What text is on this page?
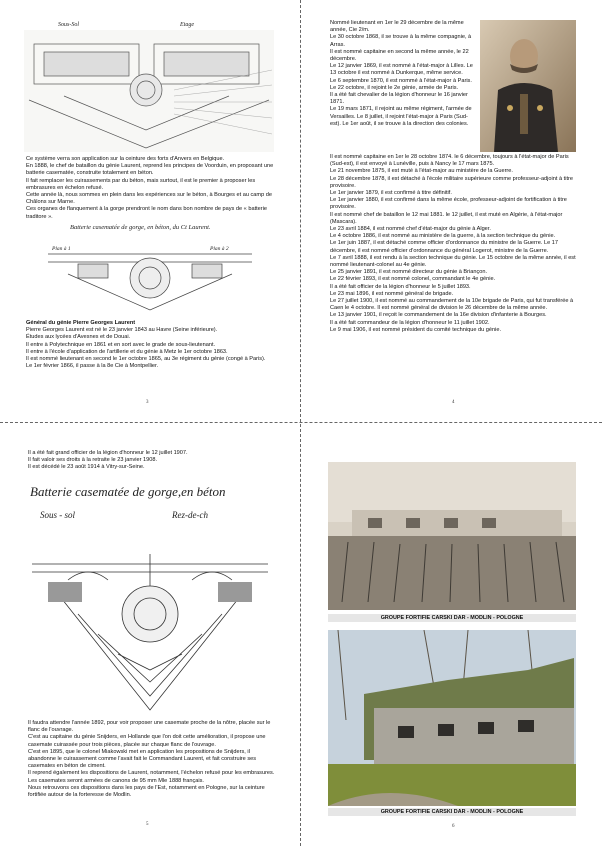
Sous-Sol	Etage

Ce système verra son application sur la ceinture des forts d'Anvers en Belgique.

En 1888, le chef de bataillon du génie Laurent, reprend les principes de Voorduin, en proposant une batterie casematée, construite totalement en béton.

Il fait remplacer les cuirassements par du béton, mais surtout, il est le premier à proposer les embrasures en échelon refusé.

Cette année là, nous sommes en plein dans les expériences sur le béton, à Bourges et au camp de Châlons sur Marne.

Ces organes de flanquement à la gorge prendront le nom dans bon nombre de pays de « batterie traditore ».

Batterie casematée de gorge, en béton, du Ct Laurent.
Plan à 1	Plan à 2

Général du génie Pierre Georges Laurent

Pierre Georges Laurent est né le 23 janvier 1843 au Havre (Seine inférieure).

Études aux lycées d'Avesnes et de Douai.

Il entre à Polytechnique en 1861 et en sort avec le grade de sous-lieutenant.

Il entre à l'école d'application de l'artillerie et du génie à Metz le 1er octobre 1863.

Il est nommé lieutenant en second le 1er octobre 1865, au 3e régiment du génie (congé à Paris).

Le 1er février 1866, il passe à la 8e Cie à Montpellier.

3

Nommé lieutenant en 1er le 29 décembre de la même année, Cie 2/m.

Le 30 octobre 1868, il se trouve à la même compagnie, à Arras.

Il est nommé capitaine en second la même année, le 22 décembre.

Le 12 janvier 1869, il est nommé à l'état-major à Lilles. Le 13 octobre il est nommé à Dunkerque, même service.

Le 6 septembre 1870, il est nommé à l'état-major à Paris. Le 22 octobre, il rejoint le 2e génie, armée de Paris.

Il a été fait chevalier de la légion d'honneur le 16 janvier 1871.

Le 19 mars 1871, il rejoint au même régiment, l'armée de Versailles. Le 8 juillet, il rejoint l'état-major à Paris (Sud-est). Le 1er août, il se trouve à la direction des colonies.

Il est nommé capitaine en 1er le 28 octobre 1874. le 6 décembre, toujours à l'état-major de Paris (Sud-est), il est envoyé à Lunéville, puis à Nancy le 17 mars 1875.

Le 21 novembre 1875, il est muté à l'état-major au ministère de la Guerre.

Le 28 décembre 1878, il est détaché à l'école militaire supérieure comme professeur-adjoint à titre provisoire.

Le 1er janvier 1879, il est confirmé à titre définitif.

Le 1er janvier 1880, il est confirmé dans la même école, professeur-adjoint de fortification à titre provisoire.

Il est nommé chef de bataillon le 12 mai 1881. le 12 juillet, il est muté en Algérie, à l'état-major (Mascara).

Le 23 avril 1884, il est nommé chef d'état-major du génie à Alger.

Le 4 octobre 1886, il est nommé au ministère de la guerre, à la section technique du génie.

Le 1er juin 1887, il est détaché comme officier d'ordonnance du ministre de la Guerre. Le 17 décembre, il est nommé officier d'ordonnance du général Logerot, ministre de la Guerre.

Le 7 avril 1888, il est rendu à la section technique du génie. Le 15 octobre de la même année, il est nommé lieutenant-colonel au 4e génie.

Le 25 janvier 1891, il est nommé directeur du génie à Briançon.

Le 22 février 1893, il est nommé colonel, commandant le 4e génie.

Il a été fait officier de la légion d'honneur le 5 juillet 1893.

Le 23 mai 1896, il est nommé général de brigade.

Le 27 juillet 1900, il est nommé au commandement de la 10e brigade de Paris, qui fut transférée à Caen le 4 octobre. Il est nommé général de division le 26 décembre de la même année.

Le 13 janvier 1901, il reçoit le commandement de la 16e division d'infanterie à Bourges.

Il a été fait commandeur de la légion d'honneur le 11 juillet 1902.

Le 9 mai 1906, il est nommé président du comité technique du génie.

4

Il a été fait grand officier de la légion d'honneur le 12 juillet 1907.

Il fait valoir ses droits à la retraite le 23 janvier 1908.

Il est décédé le 23 août 1914 à Vitry-sur-Seine.

Batterie casematée de gorge,en béton
Sous - sol	Rez-de-ch

Il faudra attendre l'année 1892, pour voir proposer une casemate proche de la nôtre, placée sur le flanc de l'ouvrage.

C'est au capitaine du génie Snijders, en Hollande que l'on doit cette amélioration, il propose une casemate cuirassée pour trois pièces, placée sur chaque flanc de l'ouvrage.

C'est en 1895, que le colonel Miakowski met en application les propositions de Snijders, il abandonne le cuirassement comme l'avait fait le Commandant Laurent, et fait construire ses casemates en béton de ciment.

Il reprend également les dispositions de Laurent, notamment, l'échelon refusé pour les embrasures.

Les casemates seront armées de canons de 95 mm Mle 1888 français.

Nous retrouvons ces dispositions dans les pays de l'Est, notamment en Pologne, sur la ceinture fortifiée autour de la forteresse de Modlin.

5
GROUPE FORTIFIE CARSKI DAR - MODLIN - POLOGNE
GROUPE FORTIFIE CARSKI DAR - MODLIN - POLOGNE
6
